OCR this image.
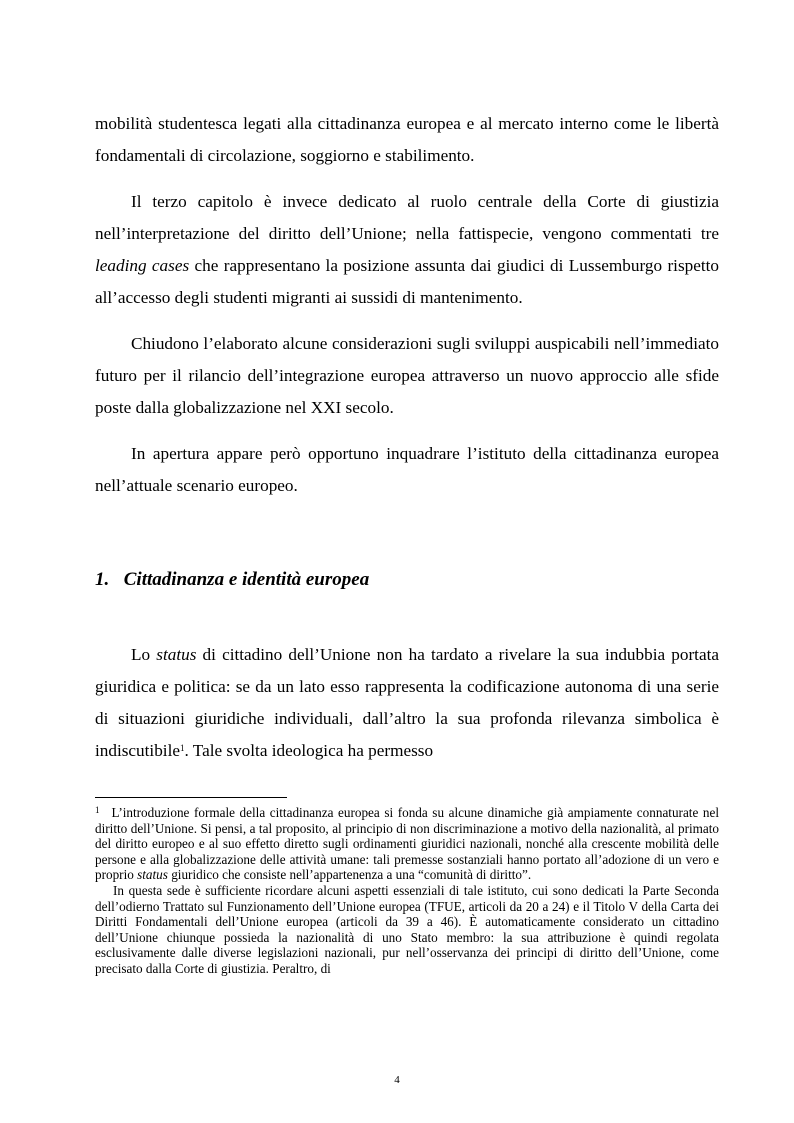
mobilità studentesca legati alla cittadinanza europea e al mercato interno come le libertà fondamentali di circolazione, soggiorno e stabilimento.

Il terzo capitolo è invece dedicato al ruolo centrale della Corte di giustizia nell’interpretazione del diritto dell’Unione; nella fattispecie, vengono commentati tre leading cases che rappresentano la posizione assunta dai giudici di Lussemburgo rispetto all’accesso degli studenti migranti ai sussidi di mantenimento.

Chiudono l’elaborato alcune considerazioni sugli sviluppi auspicabili nell’immediato futuro per il rilancio dell’integrazione europea attraverso un nuovo approccio alle sfide poste dalla globalizzazione nel XXI secolo.

In apertura appare però opportuno inquadrare l’istituto della cittadinanza europea nell’attuale scenario europeo.

1. Cittadinanza e identità europea

Lo status di cittadino dell’Unione non ha tardato a rivelare la sua indubbia portata giuridica e politica: se da un lato esso rappresenta la codificazione autonoma di una serie di situazioni giuridiche individuali, dall’altro la sua profonda rilevanza simbolica è indiscutibile$^1$. Tale svolta ideologica ha permesso

$^1$ L’introduzione formale della cittadinanza europea si fonda su alcune dinamiche già ampiamente connaturate nel diritto dell’Unione. Si pensi, a tal proposito, al principio di non discriminazione a motivo della nazionalità, al primato del diritto europeo e al suo effetto diretto sugli ordinamenti giuridici nazionali, nonché alla crescente mobilità delle persone e alla globalizzazione delle attività umane: tali premesse sostanziali hanno portato all’adozione di un vero e proprio status giuridico che consiste nell’appartenenza a una “comunità di diritto”.

In questa sede è sufficiente ricordare alcuni aspetti essenziali di tale istituto, cui sono dedicati la Parte Seconda dell’odierno Trattato sul Funzionamento dell’Unione europea (TFUE, articoli da 20 a 24) e il Titolo V della Carta dei Diritti Fondamentali dell’Unione europea (articoli da 39 a 46). È automaticamente considerato un cittadino dell’Unione chiunque possieda la nazionalità di uno Stato membro: la sua attribuzione è quindi regolata esclusivamente dalle diverse legislazioni nazionali, pur nell’osservanza dei principi di diritto dell’Unione, come precisato dalla Corte di giustizia. Peraltro, di

4
